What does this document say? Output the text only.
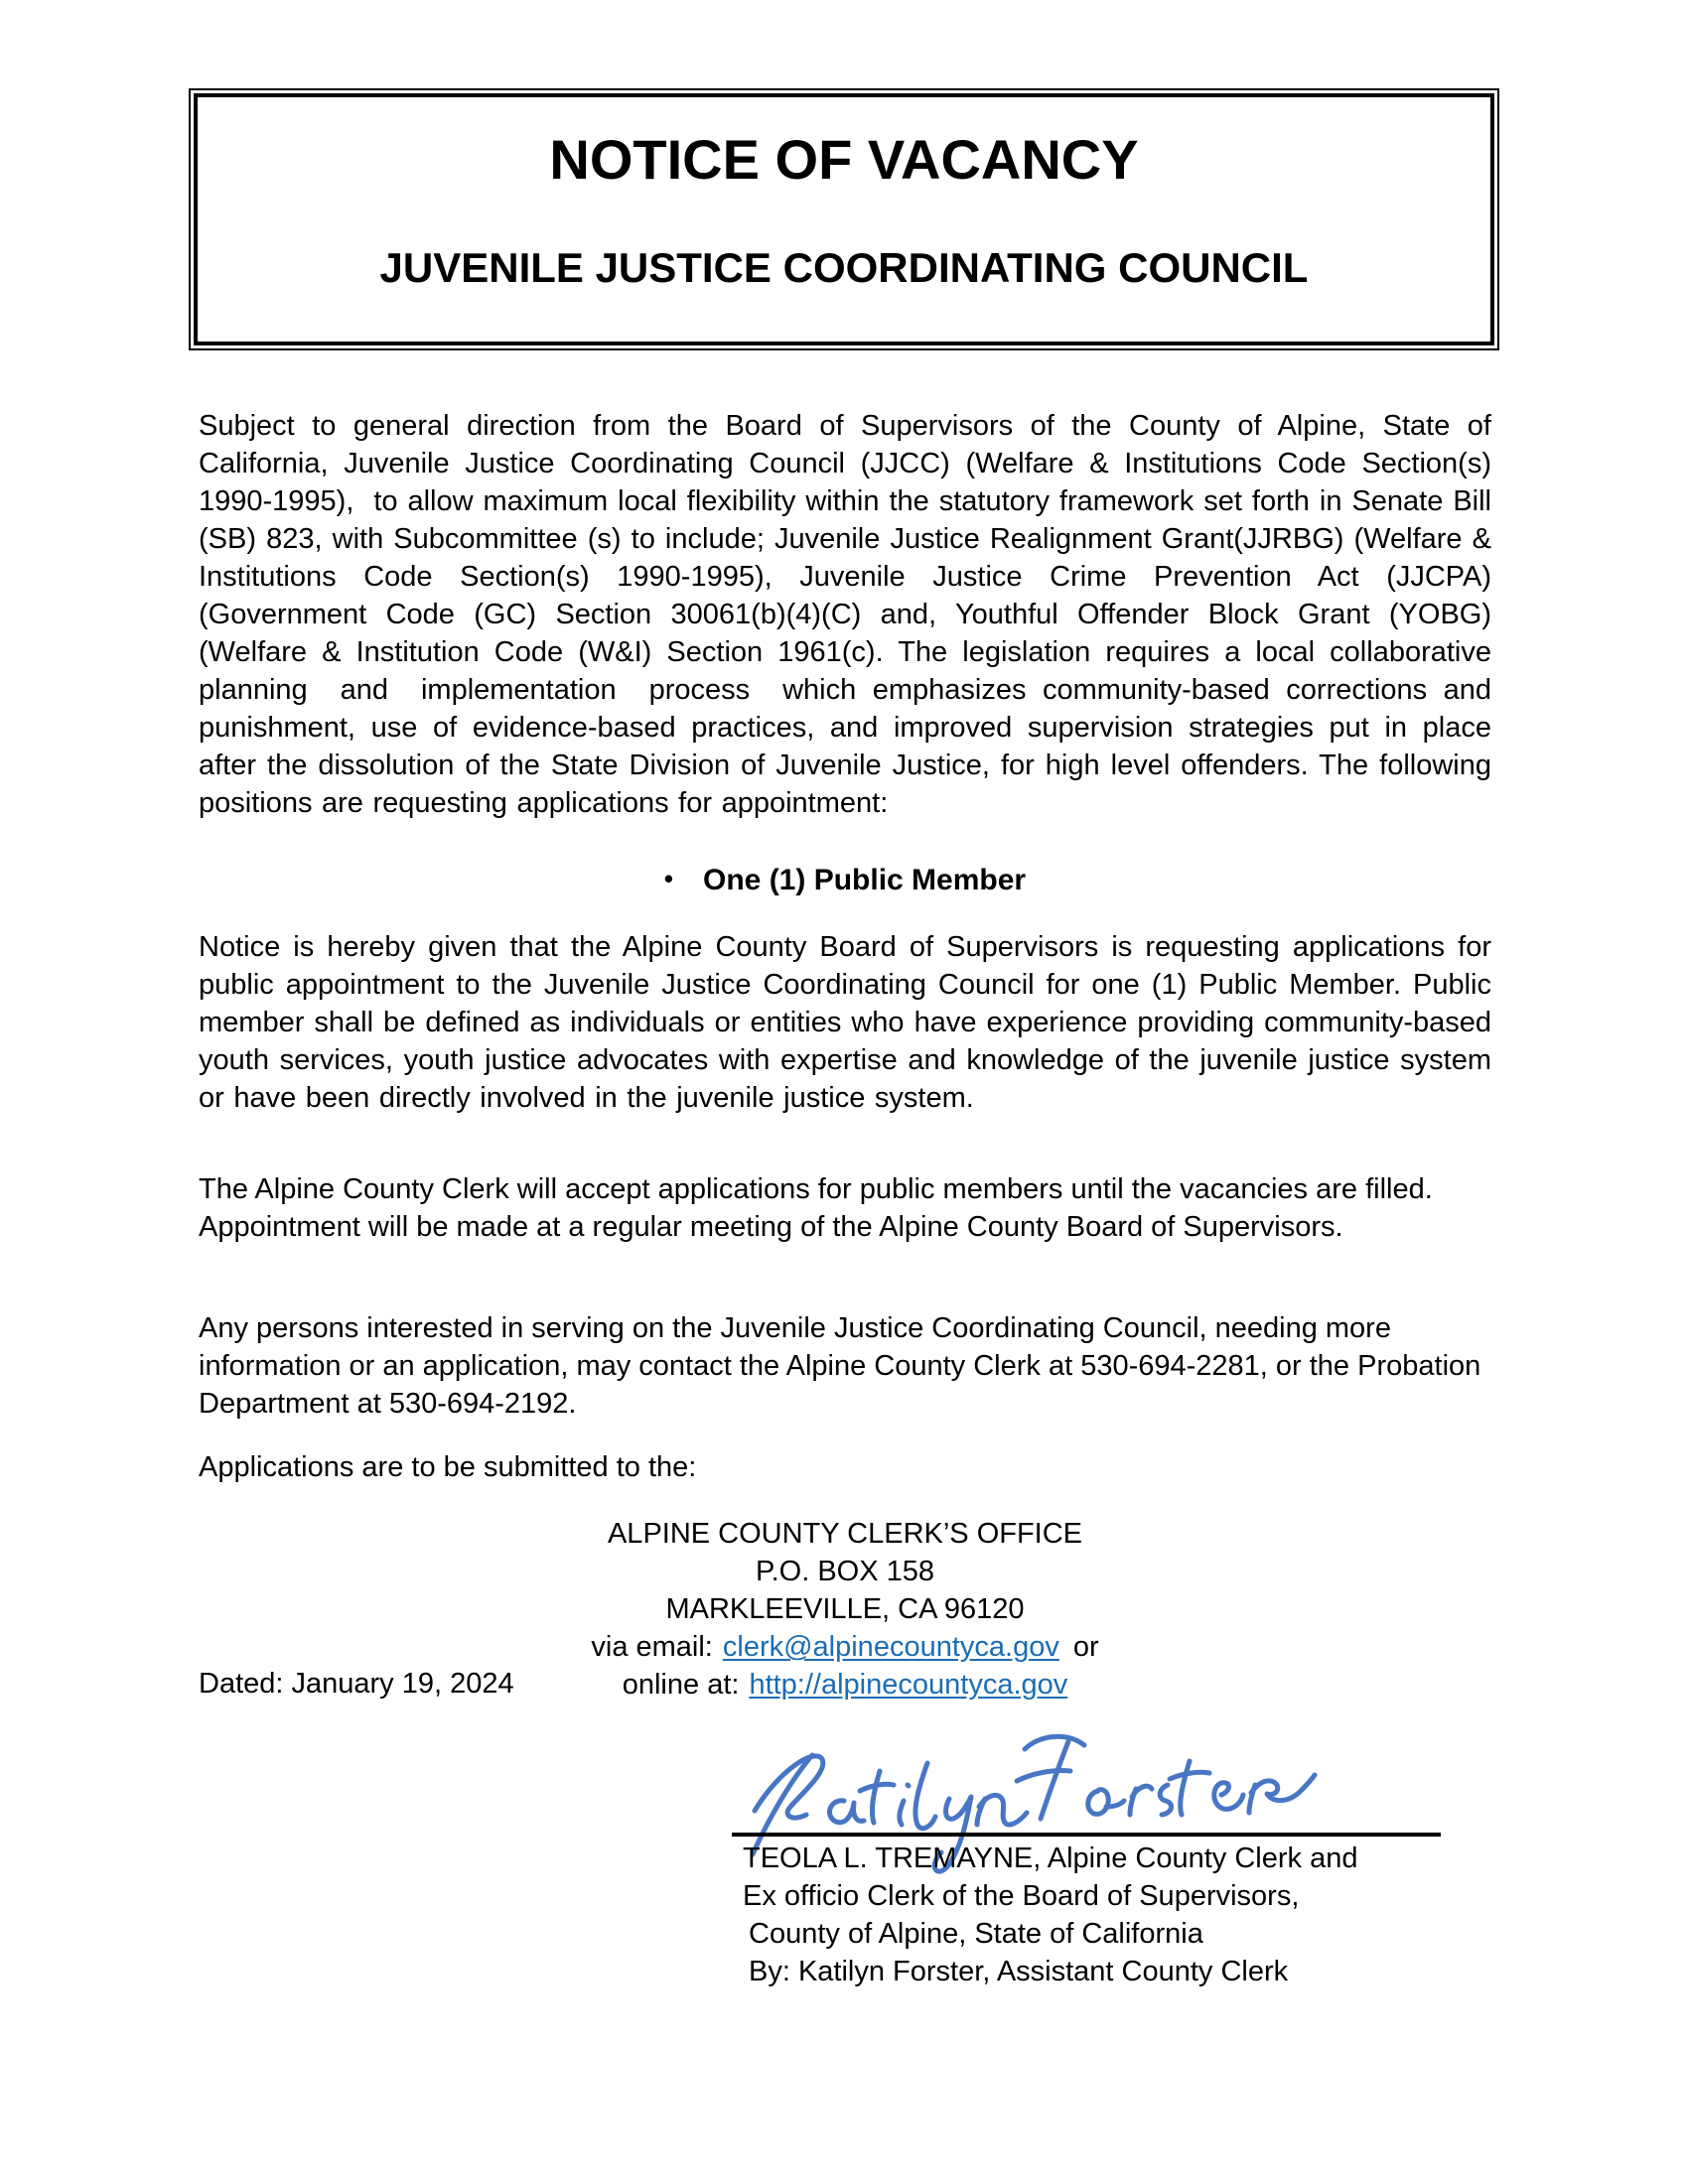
NOTICE OF VACANCY
JUVENILE JUSTICE COORDINATING COUNCIL
Subject to general direction from the Board of Supervisors of the County of Alpine, State of California, Juvenile Justice Coordinating Council (JJCC) (Welfare & Institutions Code Section(s) 1990-1995),  to allow maximum local flexibility within the statutory framework set forth in Senate Bill (SB) 823, with Subcommittee (s) to include; Juvenile Justice Realignment Grant(JJRBG) (Welfare & Institutions Code Section(s) 1990-1995), Juvenile Justice Crime Prevention Act (JJCPA) (Government Code (GC) Section 30061(b)(4)(C) and, Youthful Offender Block Grant (YOBG) (Welfare & Institution Code (W&I) Section 1961(c). The legislation requires a local collaborative  planning  and  implementation  process  which emphasizes community-based corrections and punishment, use of evidence-based practices, and improved supervision strategies put in place after the dissolution of the State Division of Juvenile Justice, for high level offenders. The following positions are requesting applications for appointment:
• One (1) Public Member
Notice is hereby given that the Alpine County Board of Supervisors is requesting applications for public appointment to the Juvenile Justice Coordinating Council for one (1) Public Member. Public member shall be defined as individuals or entities who have experience providing community-based youth services, youth justice advocates with expertise and knowledge of the juvenile justice system or have been directly involved in the juvenile justice system.
The Alpine County Clerk will accept applications for public members until the vacancies are filled.  Appointment will be made at a regular meeting of the Alpine County Board of Supervisors.
Any persons interested in serving on the Juvenile Justice Coordinating Council, needing more information or an application, may contact the Alpine County Clerk at 530-694-2281, or the Probation Department at 530-694-2192.
Applications are to be submitted to the:
ALPINE COUNTY CLERK’S OFFICE
P.O. BOX 158
MARKLEEVILLE, CA 96120
via email: clerk@alpinecountyca.gov or
online at: http://alpinecountyca.gov
Dated: January 19, 2024
TEOLA L. TREMAYNE, Alpine County Clerk and
Ex officio Clerk of the Board of Supervisors,
County of Alpine, State of California
By: Katilyn Forster, Assistant County Clerk
